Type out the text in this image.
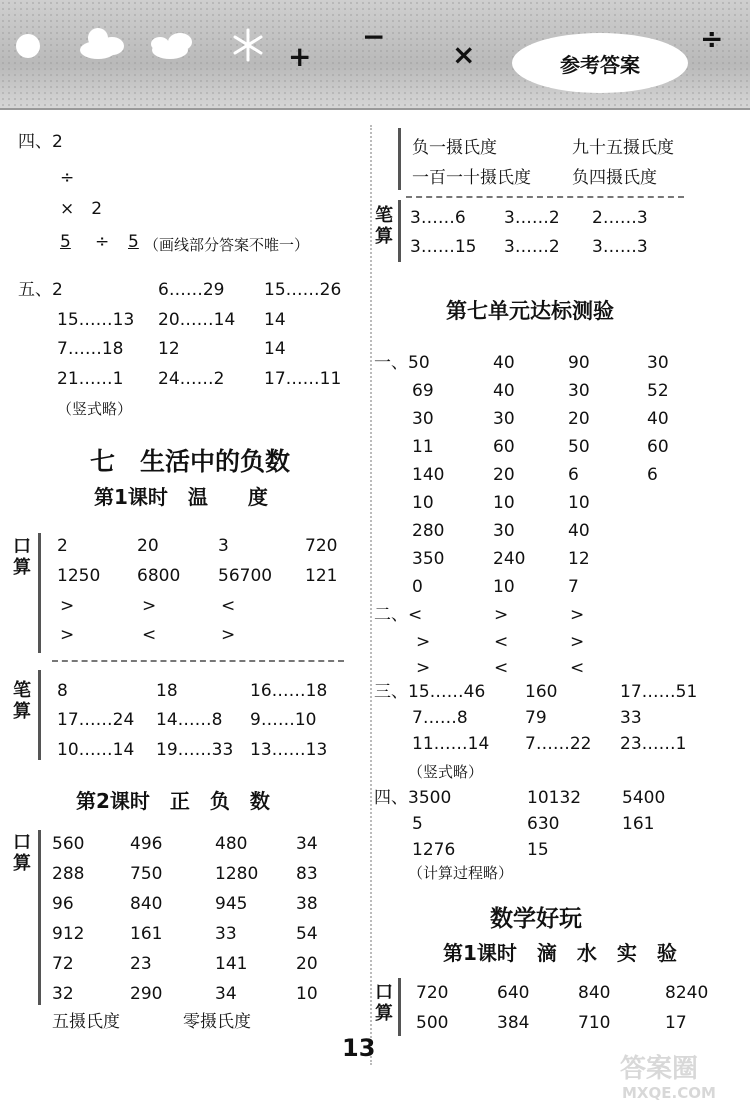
+
−
×	÷
参考答案
四、2
÷
×　2
5 ÷ 5 （画线部分答案不唯一）
五、2	6……29 15……26
15……13 20……14 14
7……18 12	14
21……1 24……2 17……11
（竖式略）
七　生活中的负数
第1课时　温　　度
口算
2	20	3	720
1250 6800 56700 121
>	>	<
>	<	>
笔算
8	18	16……18
17……24 14……8 9……10
10……14 19……33 13……13
第2课时　正　负　数
口算
560	496	480	34
288	750	1280 83
96	840	945	38
912	161	33	54
72	23	141	20
32	290	34	10
五摄氏度	零摄氏度
负一摄氏度	九十五摄氏度
一百一十摄氏度 负四摄氏度
笔算
3……6 3……2 2……3
3……15 3……2 3……3
第七单元达标测验
一、50	40	90	30
69	40	30	52
30	30	20	40
11	60	50	60
140	20	6	6
10	10	10
280	30	40
350	240	12
0	10	7
二、<	>	>
>	<	>
>	<	<
三、15……46 160	17……51
7……8	79	33
11……14 7……22 23……1
（竖式略）
四、3500	10132 5400
5	630	161
1276	15
（计算过程略）
数学好玩
第1课时　滴　水　实　验
口算
720	640	840	8240
500	384	710	17
13
答案圈
MXQE.COM
